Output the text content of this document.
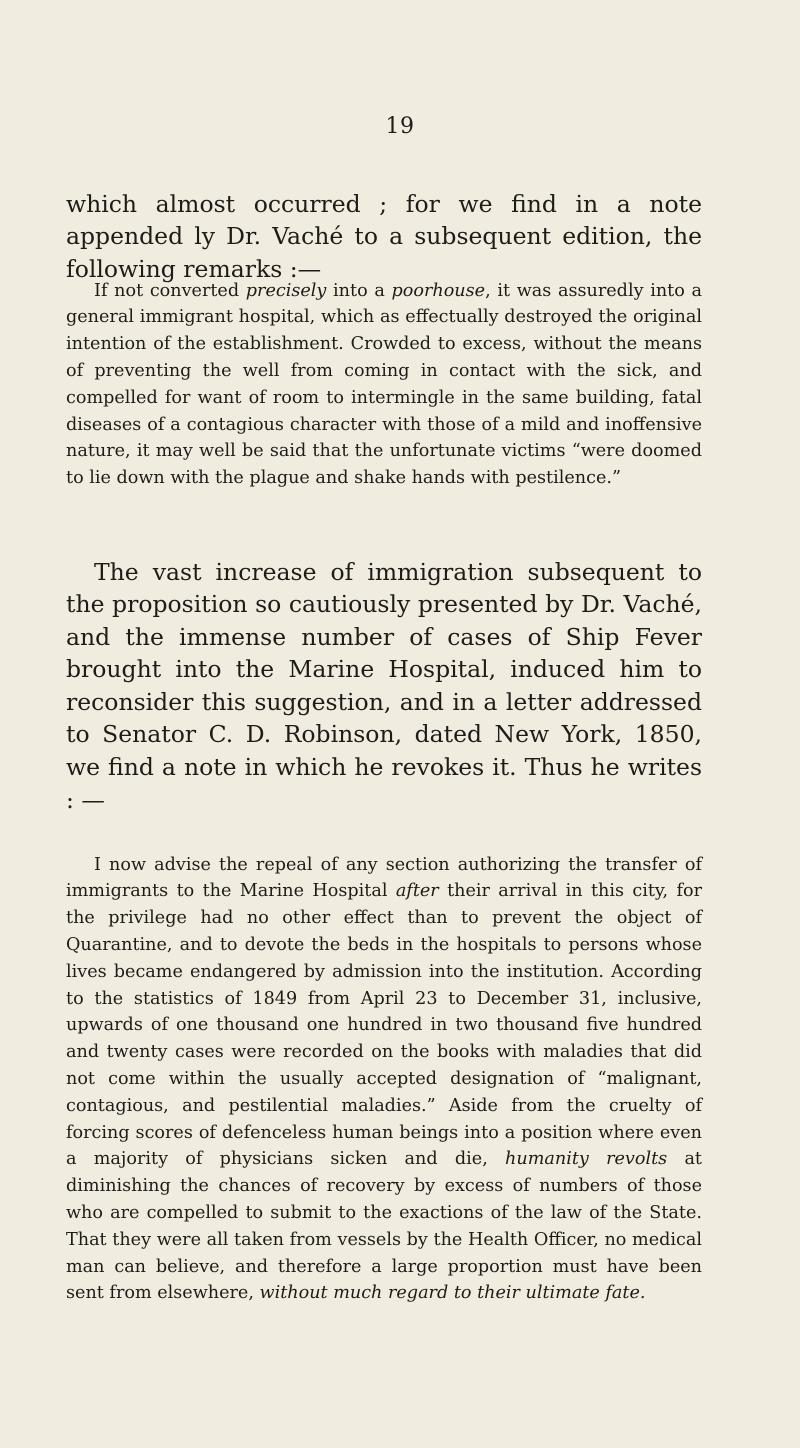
19

which almost occurred ; for we find in a note appended ly Dr. Vaché to a subsequent edition, the following remarks :—

If not converted precisely into a poorhouse, it was assuredly into a general immigrant hospital, which as effectually destroyed the original intention of the establishment. Crowded to excess, without the means of preventing the well from coming in contact with the sick, and compelled for want of room to intermingle in the same building, fatal diseases of a contagious character with those of a mild and inoffensive nature, it may well be said that the unfortunate victims “were doomed to lie down with the plague and shake hands with pestilence.”

The vast increase of immigration subsequent to the proposition so cautiously presented by Dr. Vaché, and the immense number of cases of Ship Fever brought into the Marine Hospital, induced him to reconsider this suggestion, and in a letter addressed to Senator C. D. Robinson, dated New York, 1850, we find a note in which he revokes it. Thus he writes : —

I now advise the repeal of any section authorizing the transfer of immigrants to the Marine Hospital after their arrival in this city, for the privilege had no other effect than to prevent the object of Quarantine, and to devote the beds in the hospitals to persons whose lives became endangered by admission into the institution. According to the statistics of 1849 from April 23 to December 31, inclusive, upwards of one thousand one hundred in two thousand five hundred and twenty cases were recorded on the books with maladies that did not come within the usually accepted designation of “malignant, contagious, and pestilential maladies.” Aside from the cruelty of forcing scores of defenceless human beings into a position where even a majority of physicians sicken and die, humanity revolts at diminishing the chances of recovery by excess of numbers of those who are compelled to submit to the exactions of the law of the State. That they were all taken from vessels by the Health Officer, no medical man can believe, and therefore a large proportion must have been sent from elsewhere, without much regard to their ultimate fate.
